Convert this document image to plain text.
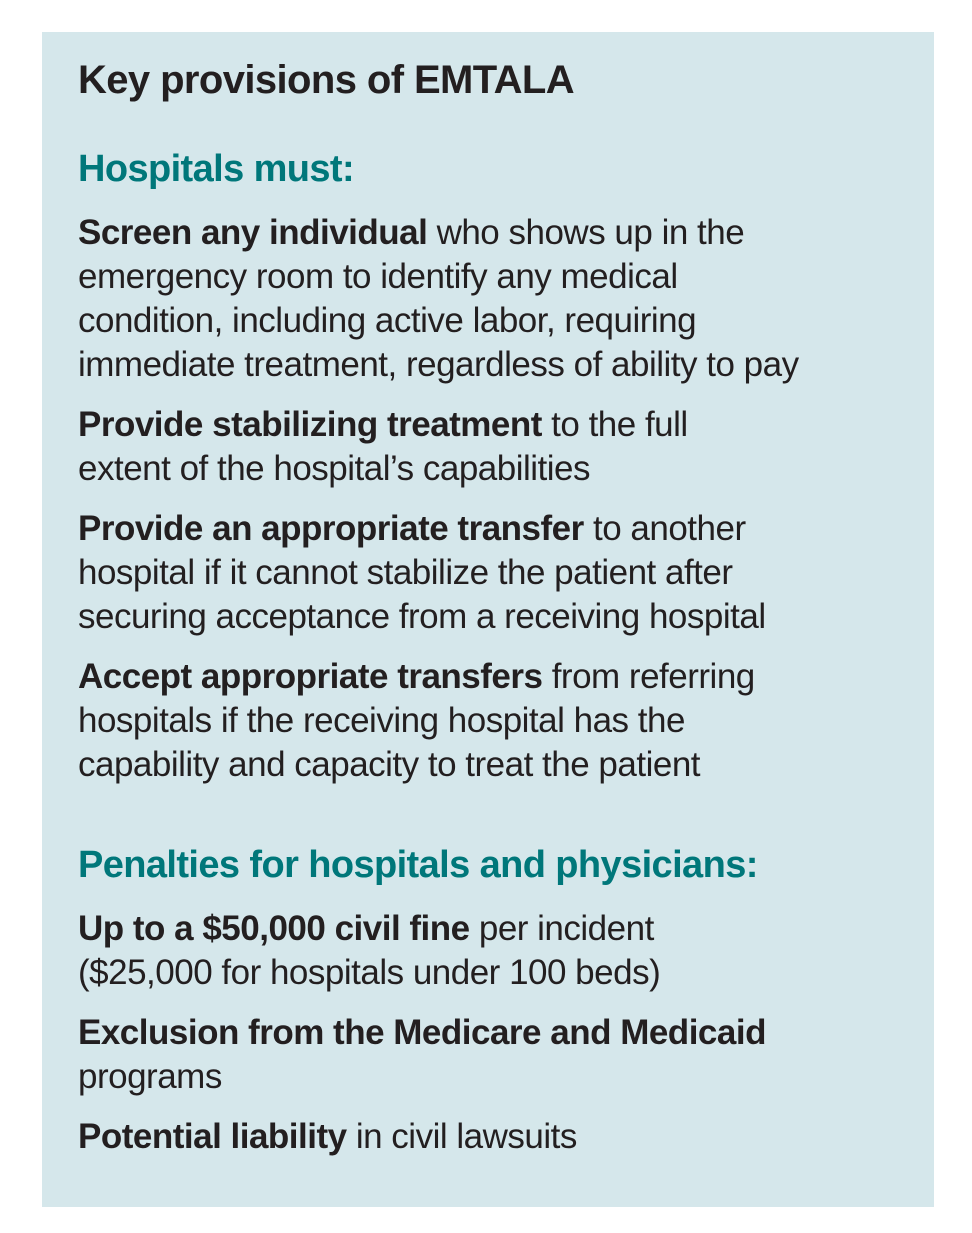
Key provisions of EMTALA
Hospitals must:
Screen any individual who shows up in the
emergency room to identify any medical
condition, including active labor, requiring
immediate treatment, regardless of ability to pay
Provide stabilizing treatment to the full
extent of the hospital’s capabilities
Provide an appropriate transfer to another
hospital if it cannot stabilize the patient after
securing acceptance from a receiving hospital
Accept appropriate transfers from referring
hospitals if the receiving hospital has the
capability and capacity to treat the patient
Penalties for hospitals and physicians:
Up to a $50,000 civil fine per incident
($25,000 for hospitals under 100 beds)
Exclusion from the Medicare and Medicaid
programs
Potential liability in civil lawsuits
